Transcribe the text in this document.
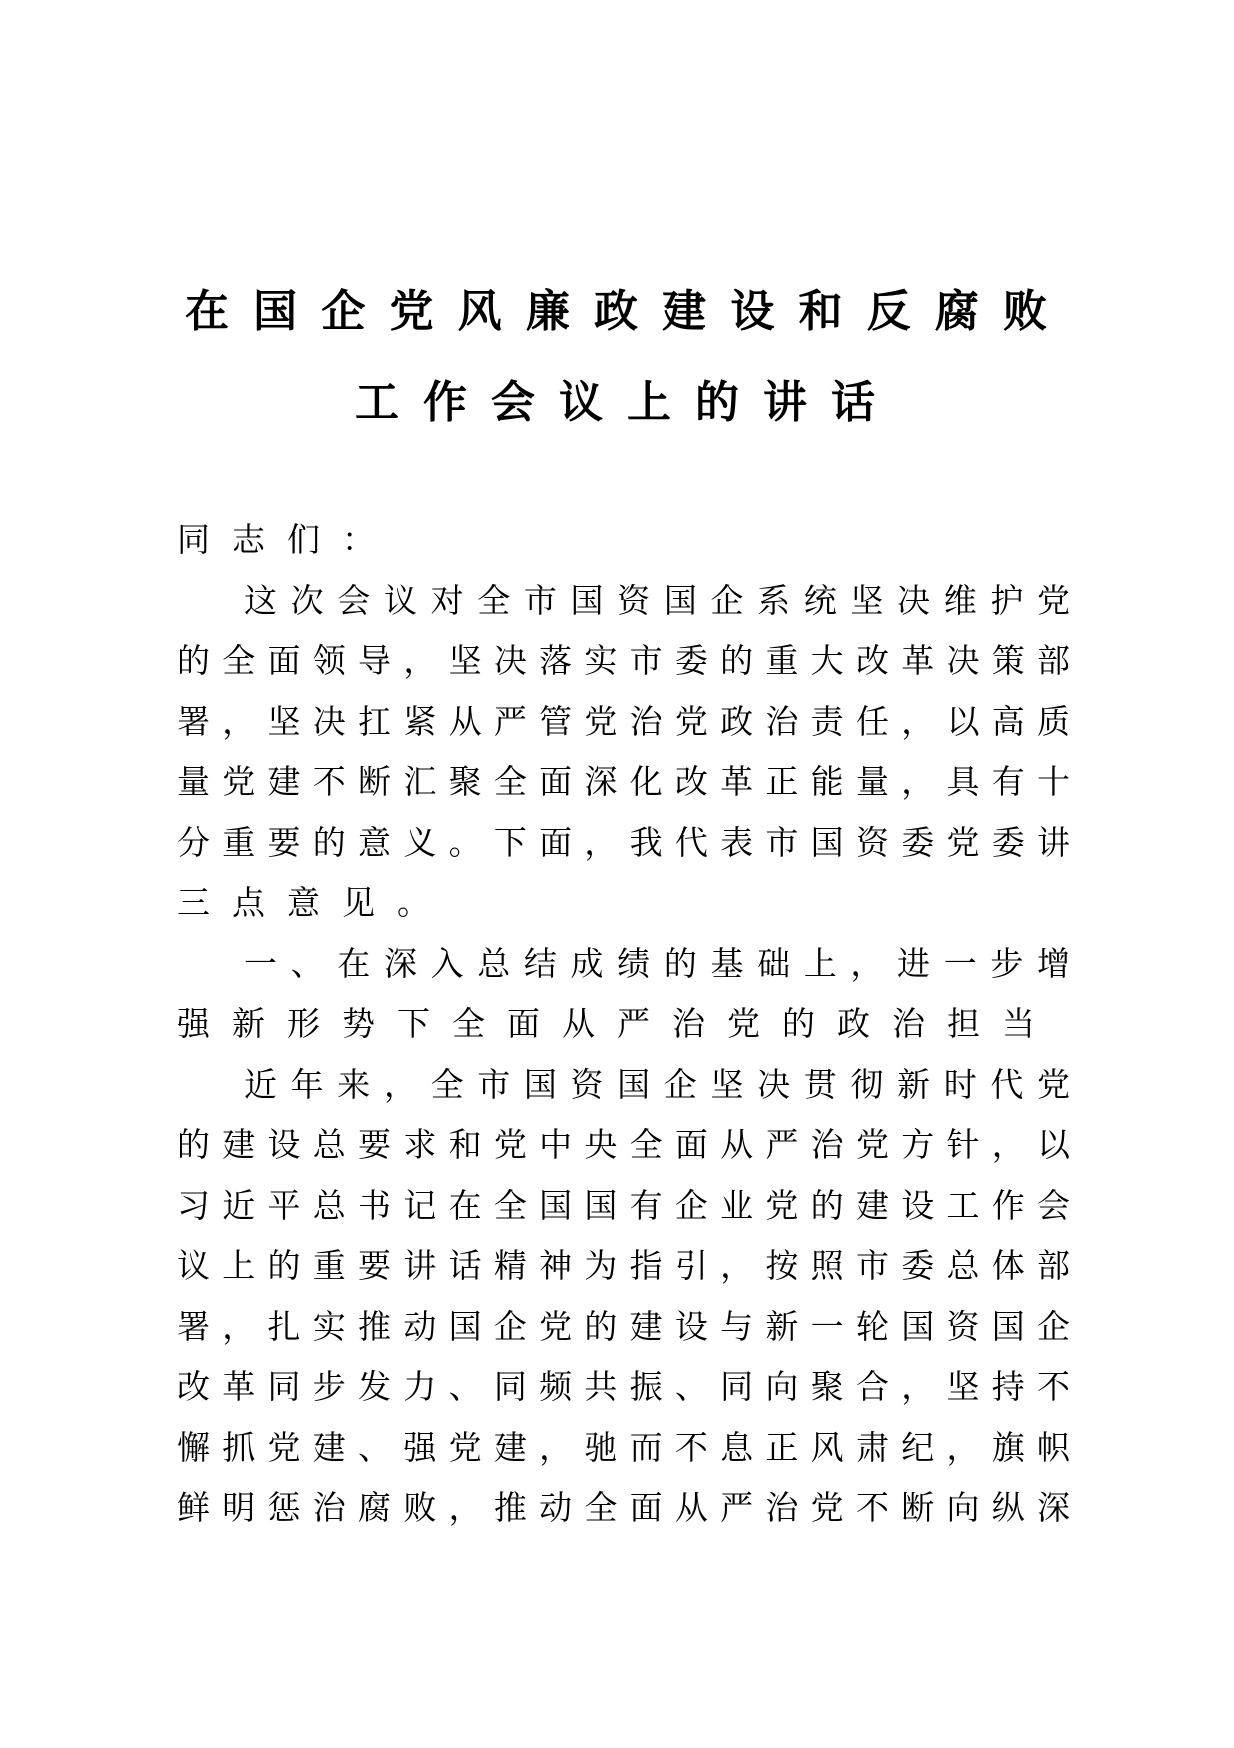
在国企党风廉政建设和反腐败
工作会议上的讲话
同志们：
这次会议对全市国资国企系统坚决维护党
的全面领导，坚决落实市委的重大改革决策部
署，坚决扛紧从严管党治党政治责任，以高质
量党建不断汇聚全面深化改革正能量，具有十
分重要的意义。下面，我代表市国资委党委讲
三点意见。
一、在深入总结成绩的基础上，进一步增
强新形势下全面从严治党的政治担当
近年来，全市国资国企坚决贯彻新时代党
的建设总要求和党中央全面从严治党方针，以
习近平总书记在全国国有企业党的建设工作会
议上的重要讲话精神为指引，按照市委总体部
署，扎实推动国企党的建设与新一轮国资国企
改革同步发力、同频共振、同向聚合，坚持不
懈抓党建、强党建，驰而不息正风肃纪，旗帜
鲜明惩治腐败，推动全面从严治党不断向纵深
